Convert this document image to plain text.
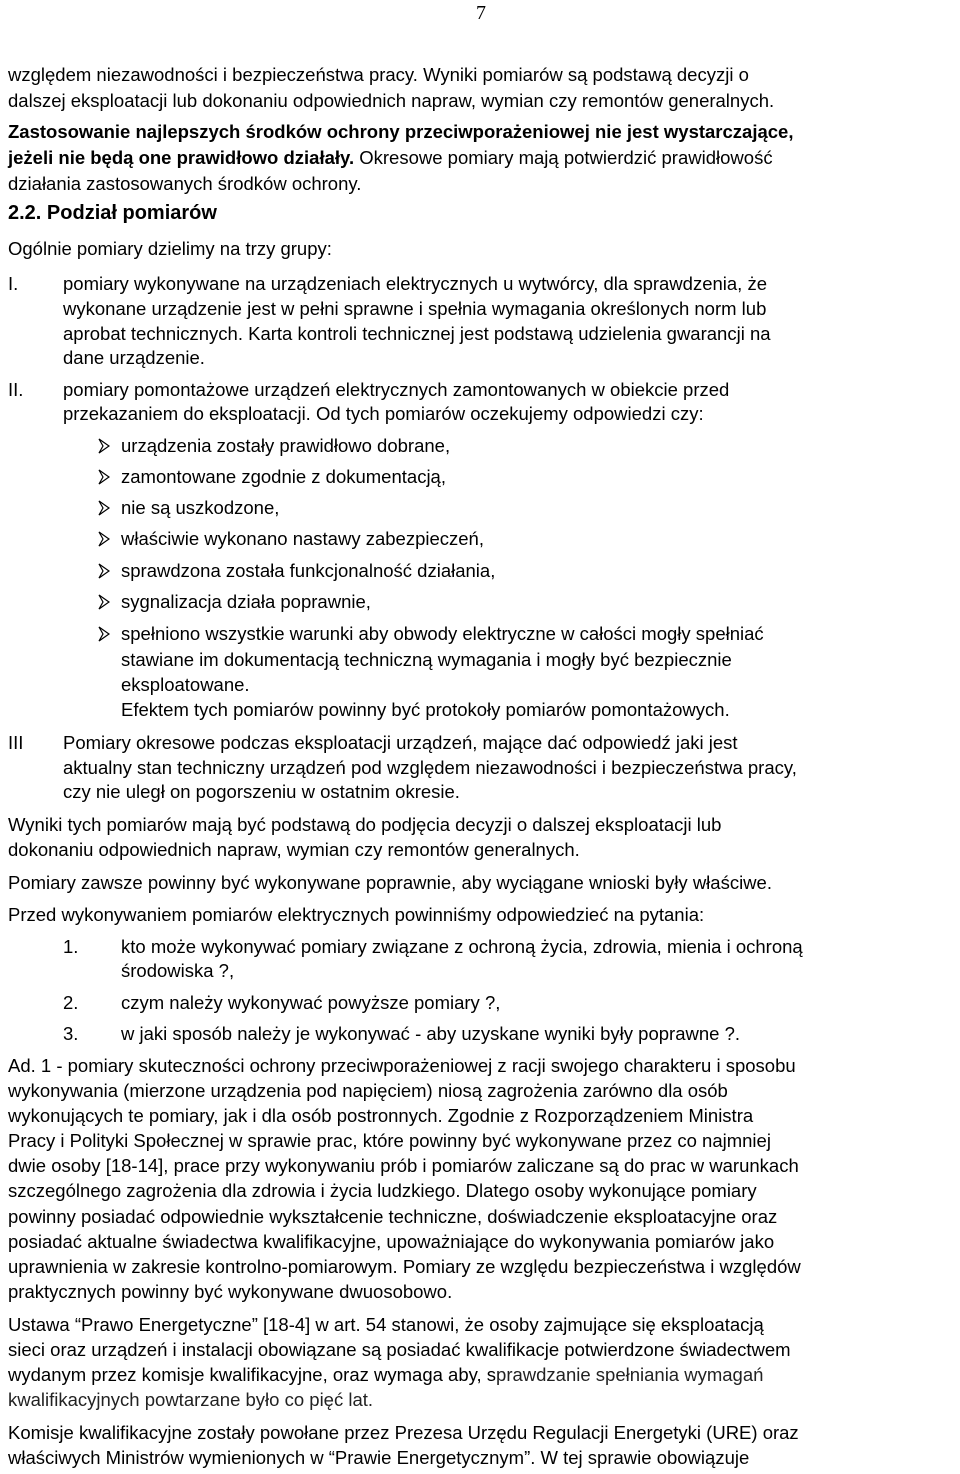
7
względem niezawodności i bezpieczeństwa pracy. Wyniki pomiarów są podstawą decyzji o
dalszej eksploatacji lub dokonaniu odpowiednich napraw, wymian czy remontów generalnych.
Zastosowanie najlepszych środków ochrony przeciwporażeniowej nie jest wystarczające,
jeżeli nie będą one prawidłowo działały. Okresowe pomiary mają potwierdzić prawidłowość
działania zastosowanych środków ochrony.
2.2. Podział pomiarów
Ogólnie pomiary dzielimy na trzy grupy:
I. pomiary wykonywane na urządzeniach elektrycznych u wytwórcy, dla sprawdzenia, że
wykonane urządzenie jest w pełni sprawne i spełnia wymagania określonych norm lub
aprobat technicznych. Karta kontroli technicznej jest podstawą udzielenia gwarancji na
dane urządzenie.
II. pomiary pomontażowe urządzeń elektrycznych zamontowanych w obiekcie przed
przekazaniem do eksploatacji. Od tych pomiarów oczekujemy odpowiedzi czy:
urządzenia zostały prawidłowo dobrane,
zamontowane zgodnie z dokumentacją,
nie są uszkodzone,
właściwie wykonano nastawy zabezpieczeń,
sprawdzona została funkcjonalność działania,
sygnalizacja działa poprawnie,
spełniono wszystkie warunki aby obwody elektryczne w całości mogły spełniać
stawiane im dokumentacją techniczną wymagania i mogły być bezpiecznie
eksploatowane.
Efektem tych pomiarów powinny być protokoły pomiarów pomontażowych.
III Pomiary okresowe podczas eksploatacji urządzeń, mające dać odpowiedź jaki jest
aktualny stan techniczny urządzeń pod względem niezawodności i bezpieczeństwa pracy,
czy nie uległ on pogorszeniu w ostatnim okresie.
Wyniki tych pomiarów mają być podstawą do podjęcia decyzji o dalszej eksploatacji lub
dokonaniu odpowiednich napraw, wymian czy remontów generalnych.
Pomiary zawsze powinny być wykonywane poprawnie, aby wyciągane wnioski były właściwe.
Przed wykonywaniem pomiarów elektrycznych powinniśmy odpowiedzieć na pytania:
1. kto może wykonywać pomiary związane z ochroną życia, zdrowia, mienia i ochroną
środowiska ?,
2. czym należy wykonywać powyższe pomiary ?,
3. w jaki sposób należy je wykonywać - aby uzyskane wyniki były poprawne ?.
Ad. 1 - pomiary skuteczności ochrony przeciwporażeniowej z racji swojego charakteru i sposobu
wykonywania (mierzone urządzenia pod napięciem) niosą zagrożenia zarówno dla osób
wykonujących te pomiary, jak i dla osób postronnych. Zgodnie z Rozporządzeniem Ministra
Pracy i Polityki Społecznej w sprawie prac, które powinny być wykonywane przez co najmniej
dwie osoby [18-14], prace przy wykonywaniu prób i pomiarów zaliczane są do prac w warunkach
szczególnego zagrożenia dla zdrowia i życia ludzkiego. Dlatego osoby wykonujące pomiary
powinny posiadać odpowiednie wykształcenie techniczne, doświadczenie eksploatacyjne oraz
posiadać aktualne świadectwa kwalifikacyjne, upoważniające do wykonywania pomiarów jako
uprawnienia w zakresie kontrolno-pomiarowym. Pomiary ze względu bezpieczeństwa i względów
praktycznych powinny być wykonywane dwuosobowo.
Ustawa “Prawo Energetyczne” [18-4] w art. 54 stanowi, że osoby zajmujące się eksploatacją
sieci oraz urządzeń i instalacji obowiązane są posiadać kwalifikacje potwierdzone świadectwem
wydanym przez komisje kwalifikacyjne, oraz wymaga aby, sprawdzanie spełniania wymagań
kwalifikacyjnych powtarzane było co pięć lat.
Komisje kwalifikacyjne zostały powołane przez Prezesa Urzędu Regulacji Energetyki (URE) oraz
właściwych Ministrów wymienionych w “Prawie Energetycznym”. W tej sprawie obowiązuje
